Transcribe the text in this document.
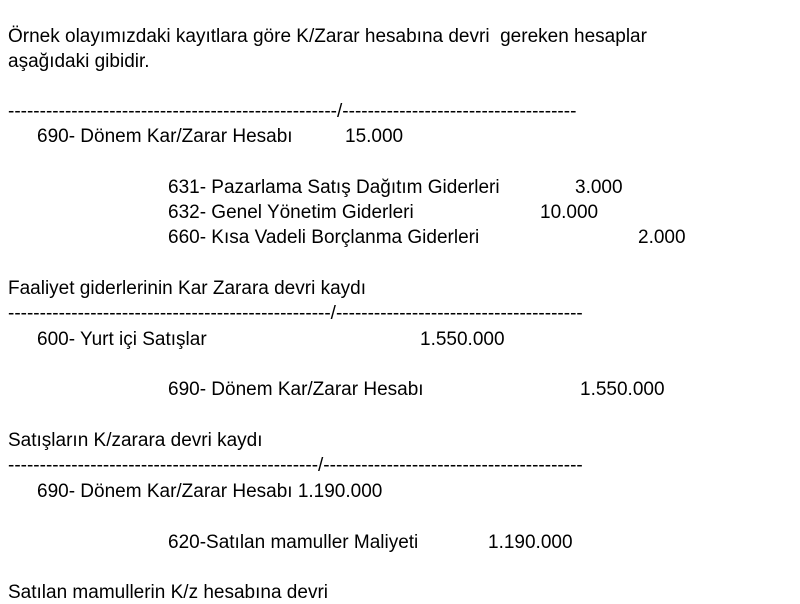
Örnek olayımızdaki kayıtlara göre K/Zarar hesabına devri  gereken hesaplar
aşağıdaki gibidir.
----------------------------------------------------/-------------------------------------
690- Dönem Kar/Zarar Hesabı	15.000
631- Pazarlama Satış Dağıtım Giderleri	3.000
632- Genel Yönetim Giderleri	10.000
660- Kısa Vadeli Borçlanma Giderleri	2.000
Faaliyet giderlerinin Kar Zarara devri kaydı
---------------------------------------------------/---------------------------------------
600- Yurt içi Satışlar	1.550.000
690- Dönem Kar/Zarar Hesabı	1.550.000
Satışların K/zarara devri kaydı
-------------------------------------------------/-----------------------------------------
690- Dönem Kar/Zarar Hesabı 1.190.000
620-Satılan mamuller Maliyeti	1.190.000
Satılan mamullerin K/z hesabına devri
